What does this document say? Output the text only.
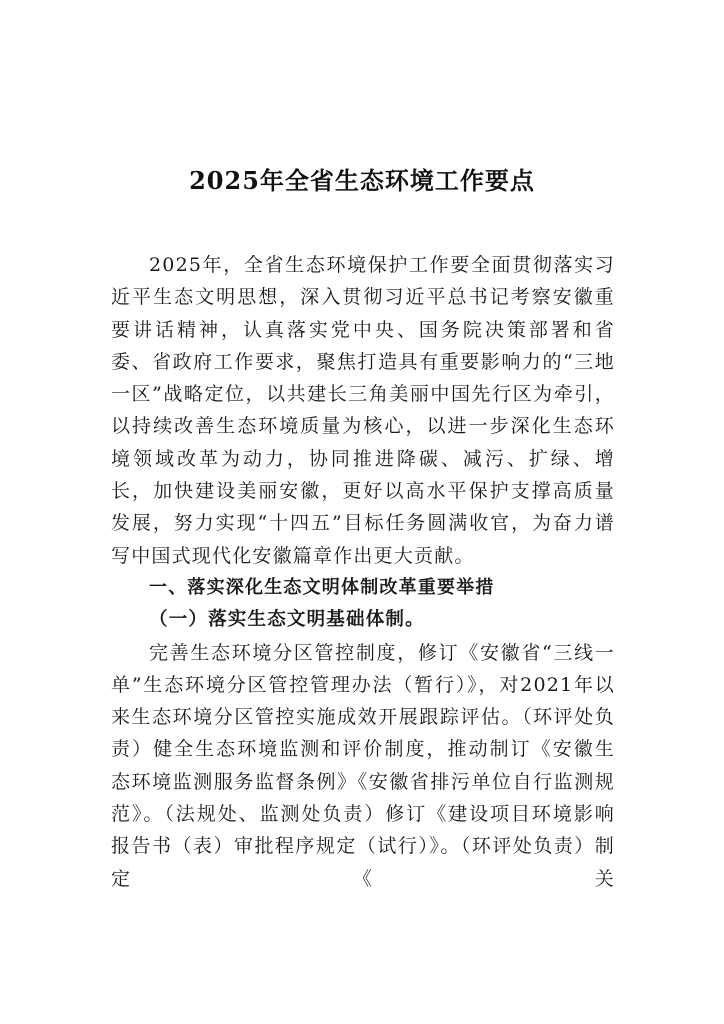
2025年全省生态环境工作要点

2025年，全省生态环境保护工作要全面贯彻落实习近平生态文明思想，深入贯彻习近平总书记考察安徽重要讲话精神，认真落实党中央、国务院决策部署和省委、省政府工作要求，聚焦打造具有重要影响力的“三地一区”战略定位，以共建长三角美丽中国先行区为牵引，以持续改善生态环境质量为核心，以进一步深化生态环境领域改革为动力，协同推进降碳、减污、扩绿、增长，加快建设美丽安徽，更好以高水平保护支撑高质量发展，努力实现“十四五”目标任务圆满收官，为奋力谱写中国式现代化安徽篇章作出更大贡献。

一、落实深化生态文明体制改革重要举措

（一）落实生态文明基础体制。

完善生态环境分区管控制度，修订《安徽省“三线一单”生态环境分区管控管理办法（暂行）》，对2021年以来生态环境分区管控实施成效开展跟踪评估。（环评处负责）健全生态环境监测和评价制度，推动制订《安徽生态环境监测服务监督条例》《安徽省排污单位自行监测规范》。（法规处、监测处负责）修订《建设项目环境影响报告书（表）审批程序规定（试行）》。（环评处负责）制定《关
